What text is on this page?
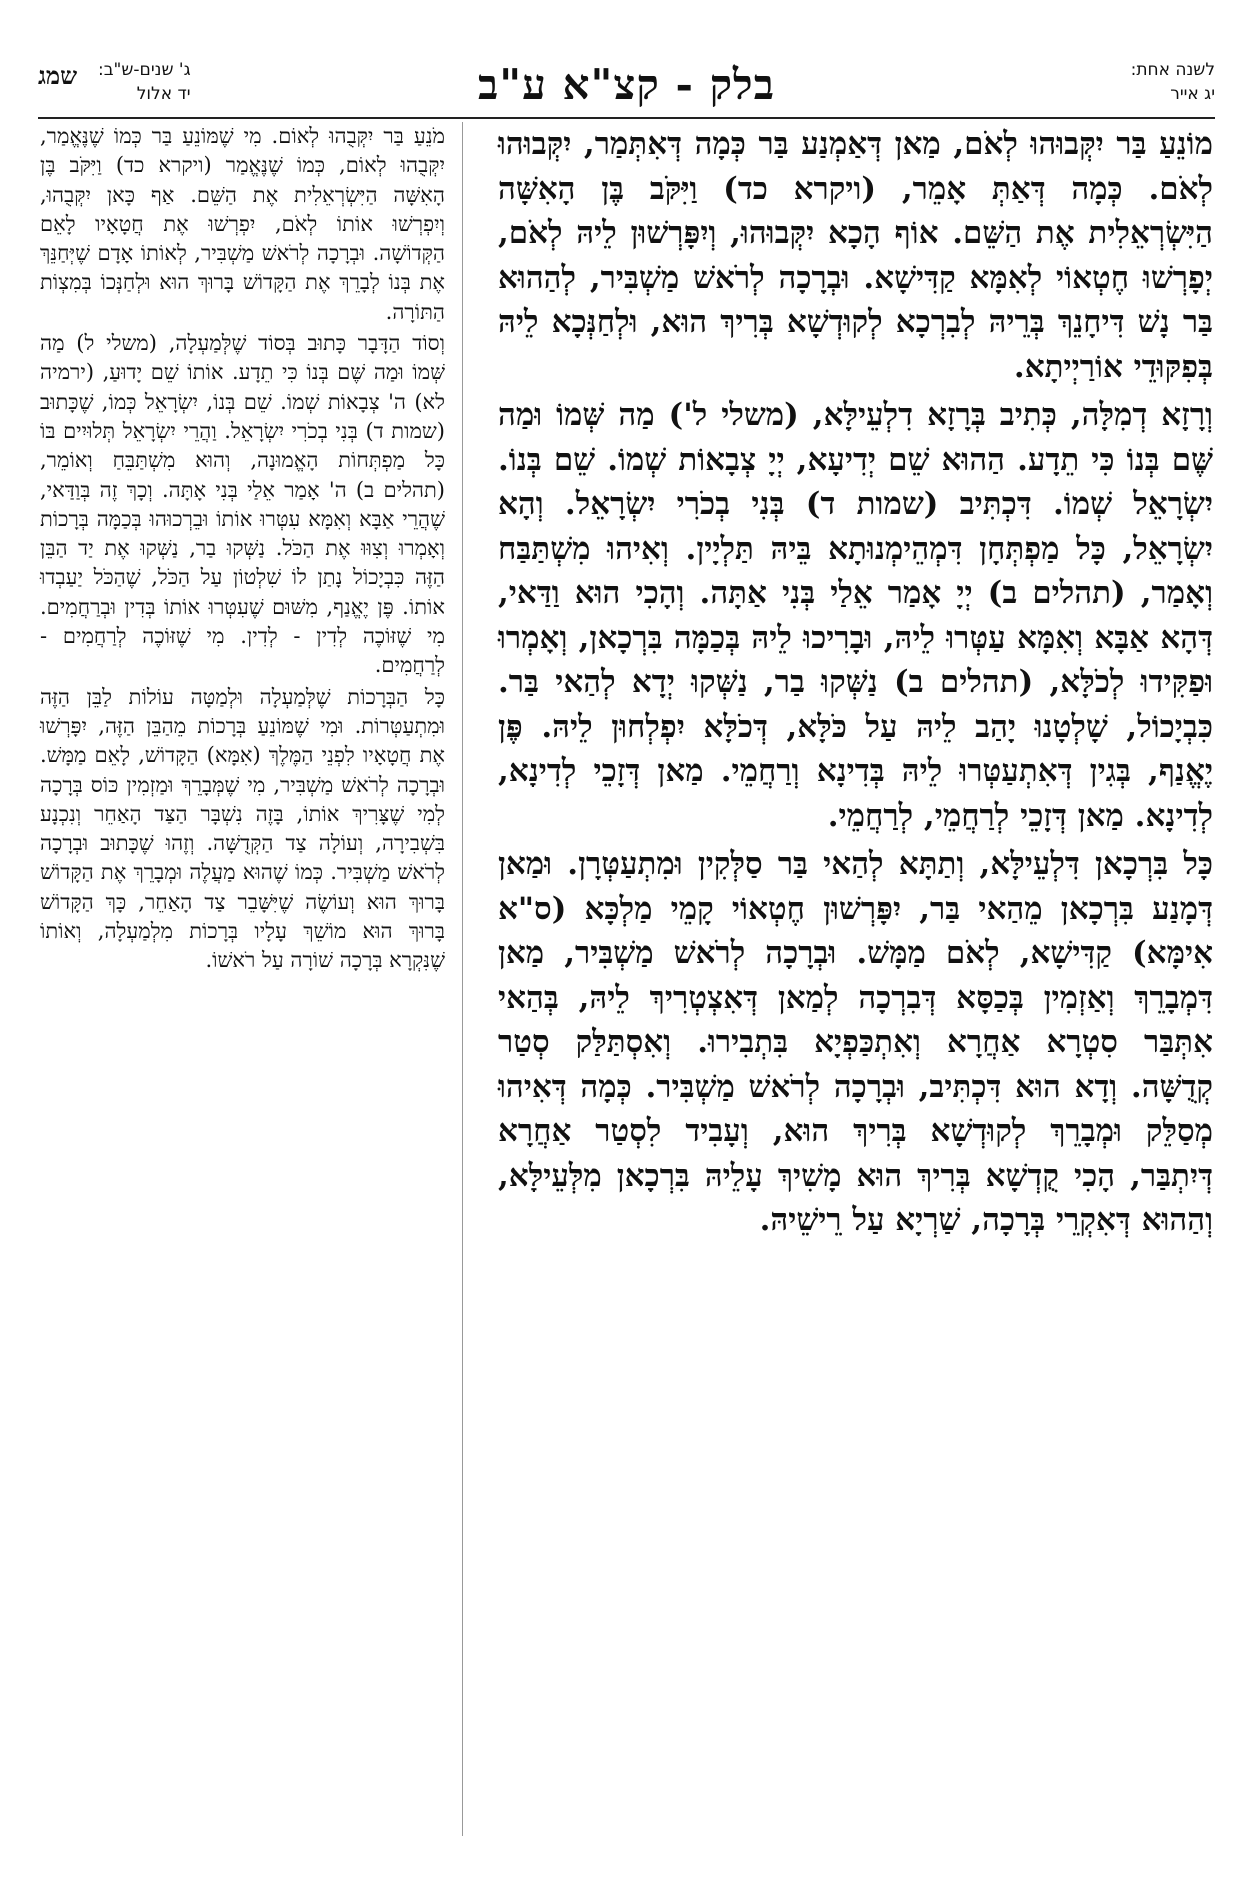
לשנה אחת:
יג אייר
בלק - קצ"א ע"ב
ג' שנים-ש"ב:
יד אלול
שמג

מוֹנֵעַ בַּר יִקְּבוּהוּ לְאֹם, מַאן דְּאַמְנַע בַּר כְּמָה דְּאִתְּמַר, יִקְּבוּהוּ לְאֹם. כְּמָה דְּאַתְּ אָמֵר, (ויקרא כד) וַיִּקֹּב בֶּן הָאִשָּׁה הַיִּשְׂרְאֵלִית אֶת הַשֵּׁם. אוֹף הָכָא יִקְּבוּהוּ, וְיִפָּרְשׁוּן לֵיהּ לְאֹם, יְפָרְשׁוּ חֶטְאוֹי לְאִמָּא קַדִּישָׁא. וּבְרָכָה לְרֹאשׁ מַשְׁבִּיר, לְהַהוּא בַּר נָשׁ דִּיחָנֵךְ בְּרֵיהּ לְבִרְכָא לְקוּדְשָׁא בְּרִיךְ הוּא, וּלְחַנְּכָא לֵיהּ בְּפִקּוּדֵי אוֹרַיְיתָא.

וְרָזָא דְמִלָּה, כְּתִיב בְּרָזָא דִלְעֵילָּא, (משלי ל') מַה שְּׁמוֹ וּמַה שֶּׁם בְּנוֹ כִּי תֵדָע. הַהוּא שֵׁם יְדִיעָא, יְיָ צְבָאוֹת שְׁמוֹ. שֵׁם בְּנוֹ. יִשְׂרָאֵל שְׁמוֹ. דִּכְתִּיב (שמות ד) בְּנִי בְכֹרִי יִשְׂרָאֵל. וְהָא יִשְׂרָאֵל, כָּל מַפְתְּחָן דִּמְהֵימְנוּתָא בֵּיהּ תַּלְיָין. וְאִיהוּ מִשְׁתַּבַּח וְאָמַר, (תהלים ב) יְיָ אָמַר אֵלַי בְּנִי אַתָּה. וְהָכִי הוּא וַדַּאי, דְּהָא אַבָּא וְאִמָּא עַטְּרוּ לֵיהּ, וּבָרִיכוּ לֵיהּ בְּכַמָּה בִּרְכָאן, וְאָמְרוּ וּפַקִּידוּ לְכֹלָּא, (תהלים ב) נַשְּׁקוּ בַר, נַשְּׁקוּ יְדָא לְהַאי בַּר. כִּבְיָכוֹל, שָׁלְטָנוּ יָהַב לֵיהּ עַל כֹּלָּא, דְּכֹלָּא יִפְלְחוּן לֵיהּ. פֶּן יֶאֱנַף, בְּגִין דְּאִתְעַטְּרוּ לֵיהּ בְּדִינָא וְרַחֲמֵי. מַאן דְּזָכֵי לְדִינָא, לְדִינָא. מַאן דְּזָכֵי לְרַחֲמֵי, לְרַחֲמֵי.

כָּל בִּרְכָאן דִּלְעֵילָּא, וְתַתָּא לְהַאי בַּר סַלְּקִין וּמִתְעַטְּרָן. וּמַאן דְּמָנַע בִּרְכָאן מֵהַאי בַּר, יִפָּרְשׁוּן חֶטְאוֹי קָמֵי מַלְכָּא (ס"א אִימָּא) קַדִּישָׁא, לְאֹם מַמָּשׁ. וּבְרָכָה לְרֹאשׁ מַשְׁבִּיר, מַאן דִּמְבָרֵךְ וְאַזְמִין בְּכַסָּא דְּבִרְכָה לְמַאן דְּאִצְטְרִיךְ לֵיהּ, בְּהַאי אִתְּבַּר סִטְרָא אַחֲרָא וְאִתְכַּפְיָא בִּתְבִירוּ. וְאִסְתַּלַּק סְטַר קְדֻשָּׁה. וְדָא הוּא דִּכְתִּיב, וּבְרָכָה לְרֹאשׁ מַשְׁבִּיר. כְּמָה דְּאִיהוּ מְסַלֵּק וּמְבָרֵךְ לְקוּדְשָׁא בְּרִיךְ הוּא, וְעָבִיד לִסְטַר אַחֲרָא דְּיִתְבַּר, הָכִי קֻדְשָׁא בְּרִיךְ הוּא מָשִׁיךְ עָלֵיהּ בִּרְכָאן מִלְּעֵילָּא, וְהַהוּא דְּאִקְרֵי בְּרָכָה, שַׁרְיָא עַל רֵישֵׁיהּ.

מֹנֵעַ בַּר יִקְּבֻהוּ לְאוֹם. מִי שֶׁמּוֹנֵעַ בַּר כְּמוֹ שֶׁנֶּאֱמַר, יִקְּבֻהוּ לְאוֹם, כְּמוֹ שֶׁנֶּאֱמַר (ויקרא כד) וַיִּקֹּב בֶּן הָאִשָּׁה הַיִּשְׂרְאֵלִית אֶת הַשֵּׁם. אַף כָּאן יִקְּבֻהוּ, וְיִפְרְשׁוּ אוֹתוֹ לְאֹם, יִפְרְשׁוּ אֶת חֲטָאָיו לָאֵם הַקְּדוֹשָׁה. וּבְרָכָה לְרֹאשׁ מַשְׁבִּיר, לְאוֹתוֹ אָדָם שֶׁיְּחַנֵּךְ אֶת בְּנוֹ לְבָרֵךְ אֶת הַקָּדוֹשׁ בָּרוּךְ הוּא וּלְחַנְּכוֹ בְּמִצְוֹת הַתּוֹרָה.

וְסוֹד הַדָּבָר כָּתוּב בְּסוֹד שֶׁלְּמַעְלָה, (משלי ל) מַה שְּׁמוֹ וּמַה שֶּׁם בְּנוֹ כִּי תֵדָע. אוֹתוֹ שֵׁם יָדוּעַ, (ירמיה לא) ה' צְבָאוֹת שְׁמוֹ. שֵׁם בְּנוֹ, יִשְׂרָאֵל כְּמוֹ, שֶׁכָּתוּב (שמות ד) בְּנִי בְכֹרִי יִשְׂרָאֵל. וַהֲרֵי יִשְׂרָאֵל תְּלוּיִים בּוֹ כָּל מַפְתְּחוֹת הָאֱמוּנָה, וְהוּא מִשְׁתַּבֵּחַ וְאוֹמֵר, (תהלים ב) ה' אָמַר אֵלַי בְּנִי אָתָּה. וְכָךְ זֶה בְּוַדַּאי, שֶׁהֲרֵי אַבָּא וְאִמָּא עִטְּרוּ אוֹתוֹ וּבֵרְכוּהוּ בְּכַמָּה בְּרָכוֹת וְאָמְרוּ וְצִוּוּ אֶת הַכֹּל. נַשְּׁקוּ בַר, נַשְּׁקוּ אֶת יַד הַבֵּן הַזֶּה כִּבְיָכוֹל נָתַן לוֹ שִׁלְטוֹן עַל הַכֹּל, שֶׁהַכֹּל יַעַבְדוּ אוֹתוֹ. פֶּן יֶאֱנַף, מִשּׁוּם שֶׁעִטְּרוּ אוֹתוֹ בְּדִין וּבְרַחֲמִים. מִי שֶׁזּוֹכֶה לְדִין - לְדִין. מִי שֶׁזּוֹכֶה לְרַחֲמִים - לְרַחֲמִים.

כָּל הַבְּרָכוֹת שֶׁלְּמַעְלָה וּלְמַטָּה עוֹלוֹת לַבֵּן הַזֶּה וּמִתְעַטְּרוֹת. וּמִי שֶׁמּוֹנֵעַ בְּרָכוֹת מֵהַבֵּן הַזֶּה, יִפָּרְשׁוּ אֶת חֲטָאָיו לִפְנֵי הַמֶּלֶךְ (אִמָּא) הַקָּדוֹשׁ, לָאֵם מַמָּשׁ. וּבְרָכָה לְרֹאשׁ מַשְׁבִּיר, מִי שֶׁמְּבָרֵךְ וּמַזְמִין כּוֹס בְּרָכָה לְמִי שֶׁצָּרִיךְ אוֹתוֹ, בָּזֶה נִשְׁבָּר הַצַּד הָאַחֵר וְנִכְנָע בִּשְׁבִירָה, וְעוֹלָה צַד הַקְּדֻשָּׁה. וְזֶהוּ שֶׁכָּתוּב וּבְרָכָה לְרֹאשׁ מַשְׁבִּיר. כְּמוֹ שֶׁהוּא מַעֲלֶה וּמְבָרֵךְ אֶת הַקָּדוֹשׁ בָּרוּךְ הוּא וְעוֹשֶׂה שֶׁיִּשָּׁבֵר צַד הָאַחֵר, כָּךְ הַקָּדוֹשׁ בָּרוּךְ הוּא מוֹשֵׁךְ עָלָיו בְּרָכוֹת מִלְמַעְלָה, וְאוֹתוֹ שֶׁנִּקְרָא בְּרָכָה שׁוֹרָה עַל רֹאשׁוֹ.
